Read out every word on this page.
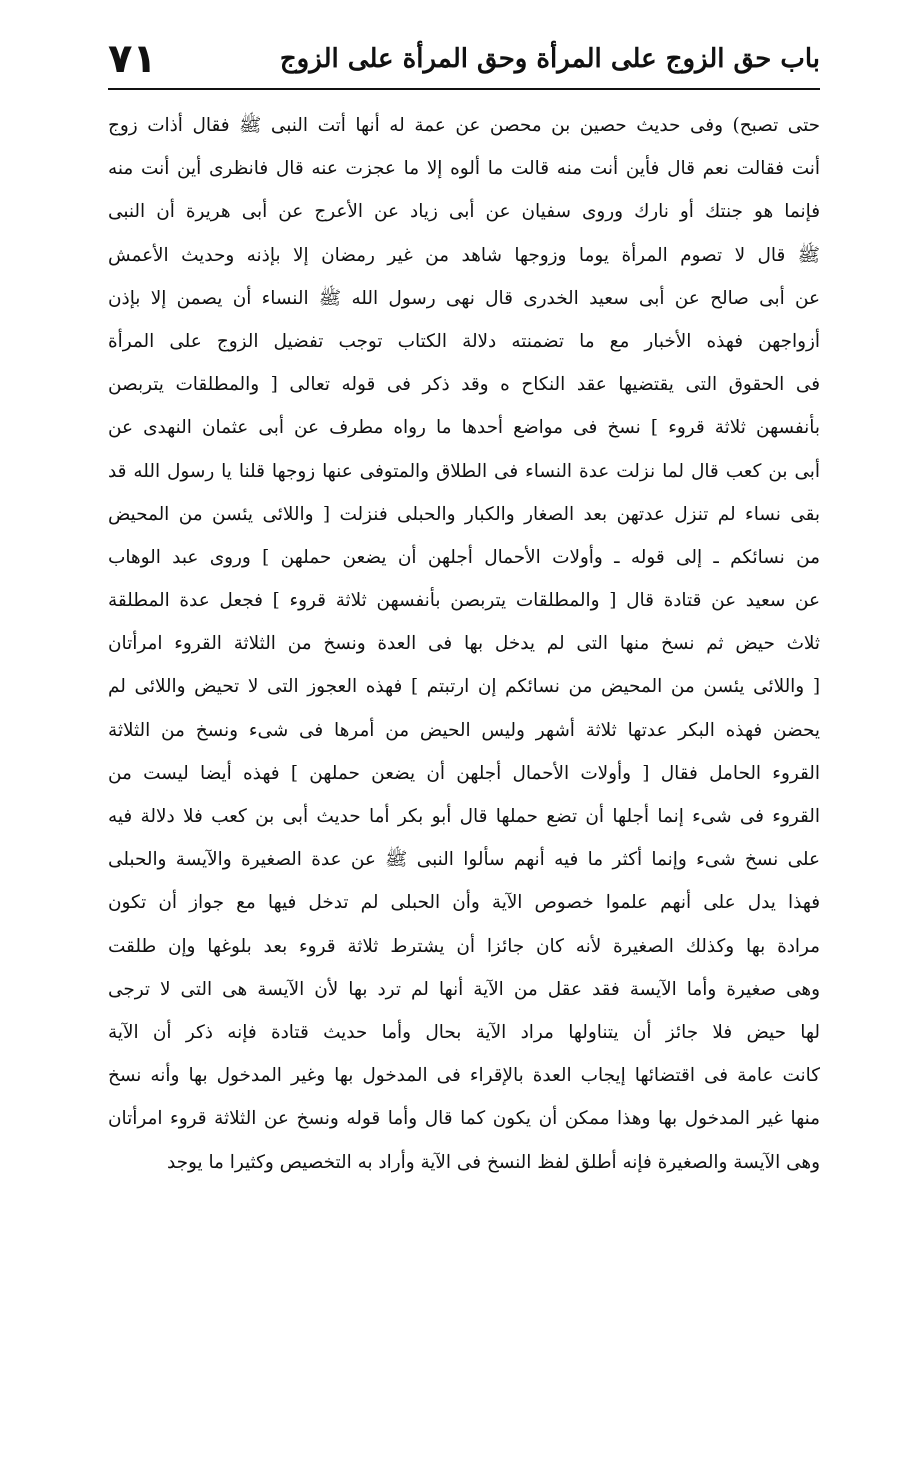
باب حق الزوج على المرأة وحق المرأة على الزوج
٧١
حتى تصبح) وفى حديث حصين بن محصن عن عمة له أنها أتت النبى ﷺ فقال أذات زوج
أنت فقالت نعم قال فأين أنت منه قالت ما ألوه إلا ما عجزت عنه قال فانظرى أين أنت منه
فإنما هو جنتك أو نارك وروى سفيان عن أبى زياد عن الأعرج عن أبى هريرة أن النبى
ﷺ قال لا تصوم المرأة يوما وزوجها شاهد من غير رمضان إلا بإذنه وحديث الأعمش
عن أبى صالح عن أبى سعيد الخدرى قال نهى رسول الله ﷺ النساء أن يصمن إلا بإذن
أزواجهن فهذه الأخبار مع ما تضمنته دلالة الكتاب توجب تفضيل الزوج على المرأة
فى الحقوق التى يقتضيها عقد النكاح ه وقد ذكر فى قوله تعالى [ والمطلقات يتربصن
بأنفسهن ثلاثة قروء ] نسخ فى مواضع أحدها ما رواه مطرف عن أبى عثمان النهدى عن
أبى بن كعب قال لما نزلت عدة النساء فى الطلاق والمتوفى عنها زوجها قلنا يا رسول الله قد
بقى نساء لم تنزل عدتهن بعد الصغار والكبار والحبلى فنزلت [ واللائى يئسن من المحيض
من نسائكم ـ إلى قوله ـ وأولات الأحمال أجلهن أن يضعن حملهن ] وروى عبد الوهاب
عن سعيد عن قتادة قال [ والمطلقات يتربصن بأنفسهن ثلاثة قروء ] فجعل عدة المطلقة
ثلاث حيض ثم نسخ منها التى لم يدخل بها فى العدة ونسخ من الثلاثة القروء امرأتان
[ واللائى يئسن من المحيض من نسائكم إن ارتبتم ] فهذه العجوز التى لا تحيض واللائى لم
يحضن فهذه البكر عدتها ثلاثة أشهر وليس الحيض من أمرها فى شىء ونسخ من الثلاثة
القروء الحامل فقال [ وأولات الأحمال أجلهن أن يضعن حملهن ] فهذه أيضا ليست من
القروء فى شىء إنما أجلها أن تضع حملها قال أبو بكر أما حديث أبى بن كعب فلا دلالة فيه
على نسخ شىء وإنما أكثر ما فيه أنهم سألوا النبى ﷺ عن عدة الصغيرة والآيسة والحبلى
فهذا يدل على أنهم علموا خصوص الآية وأن الحبلى لم تدخل فيها مع جواز أن تكون
مرادة بها وكذلك الصغيرة لأنه كان جائزا أن يشترط ثلاثة قروء بعد بلوغها وإن طلقت
وهى صغيرة وأما الآيسة فقد عقل من الآية أنها لم ترد بها لأن الآيسة هى التى لا ترجى
لها حيض فلا جائز أن يتناولها مراد الآية بحال وأما حديث قتادة فإنه ذكر أن الآية
كانت عامة فى اقتضائها إيجاب العدة بالإقراء فى المدخول بها وغير المدخول بها وأنه نسخ
منها غير المدخول بها وهذا ممكن أن يكون كما قال وأما قوله ونسخ عن الثلاثة قروء امرأتان
وهى الآيسة والصغيرة فإنه أطلق لفظ النسخ فى الآية وأراد به التخصيص وكثيرا ما يوجد
